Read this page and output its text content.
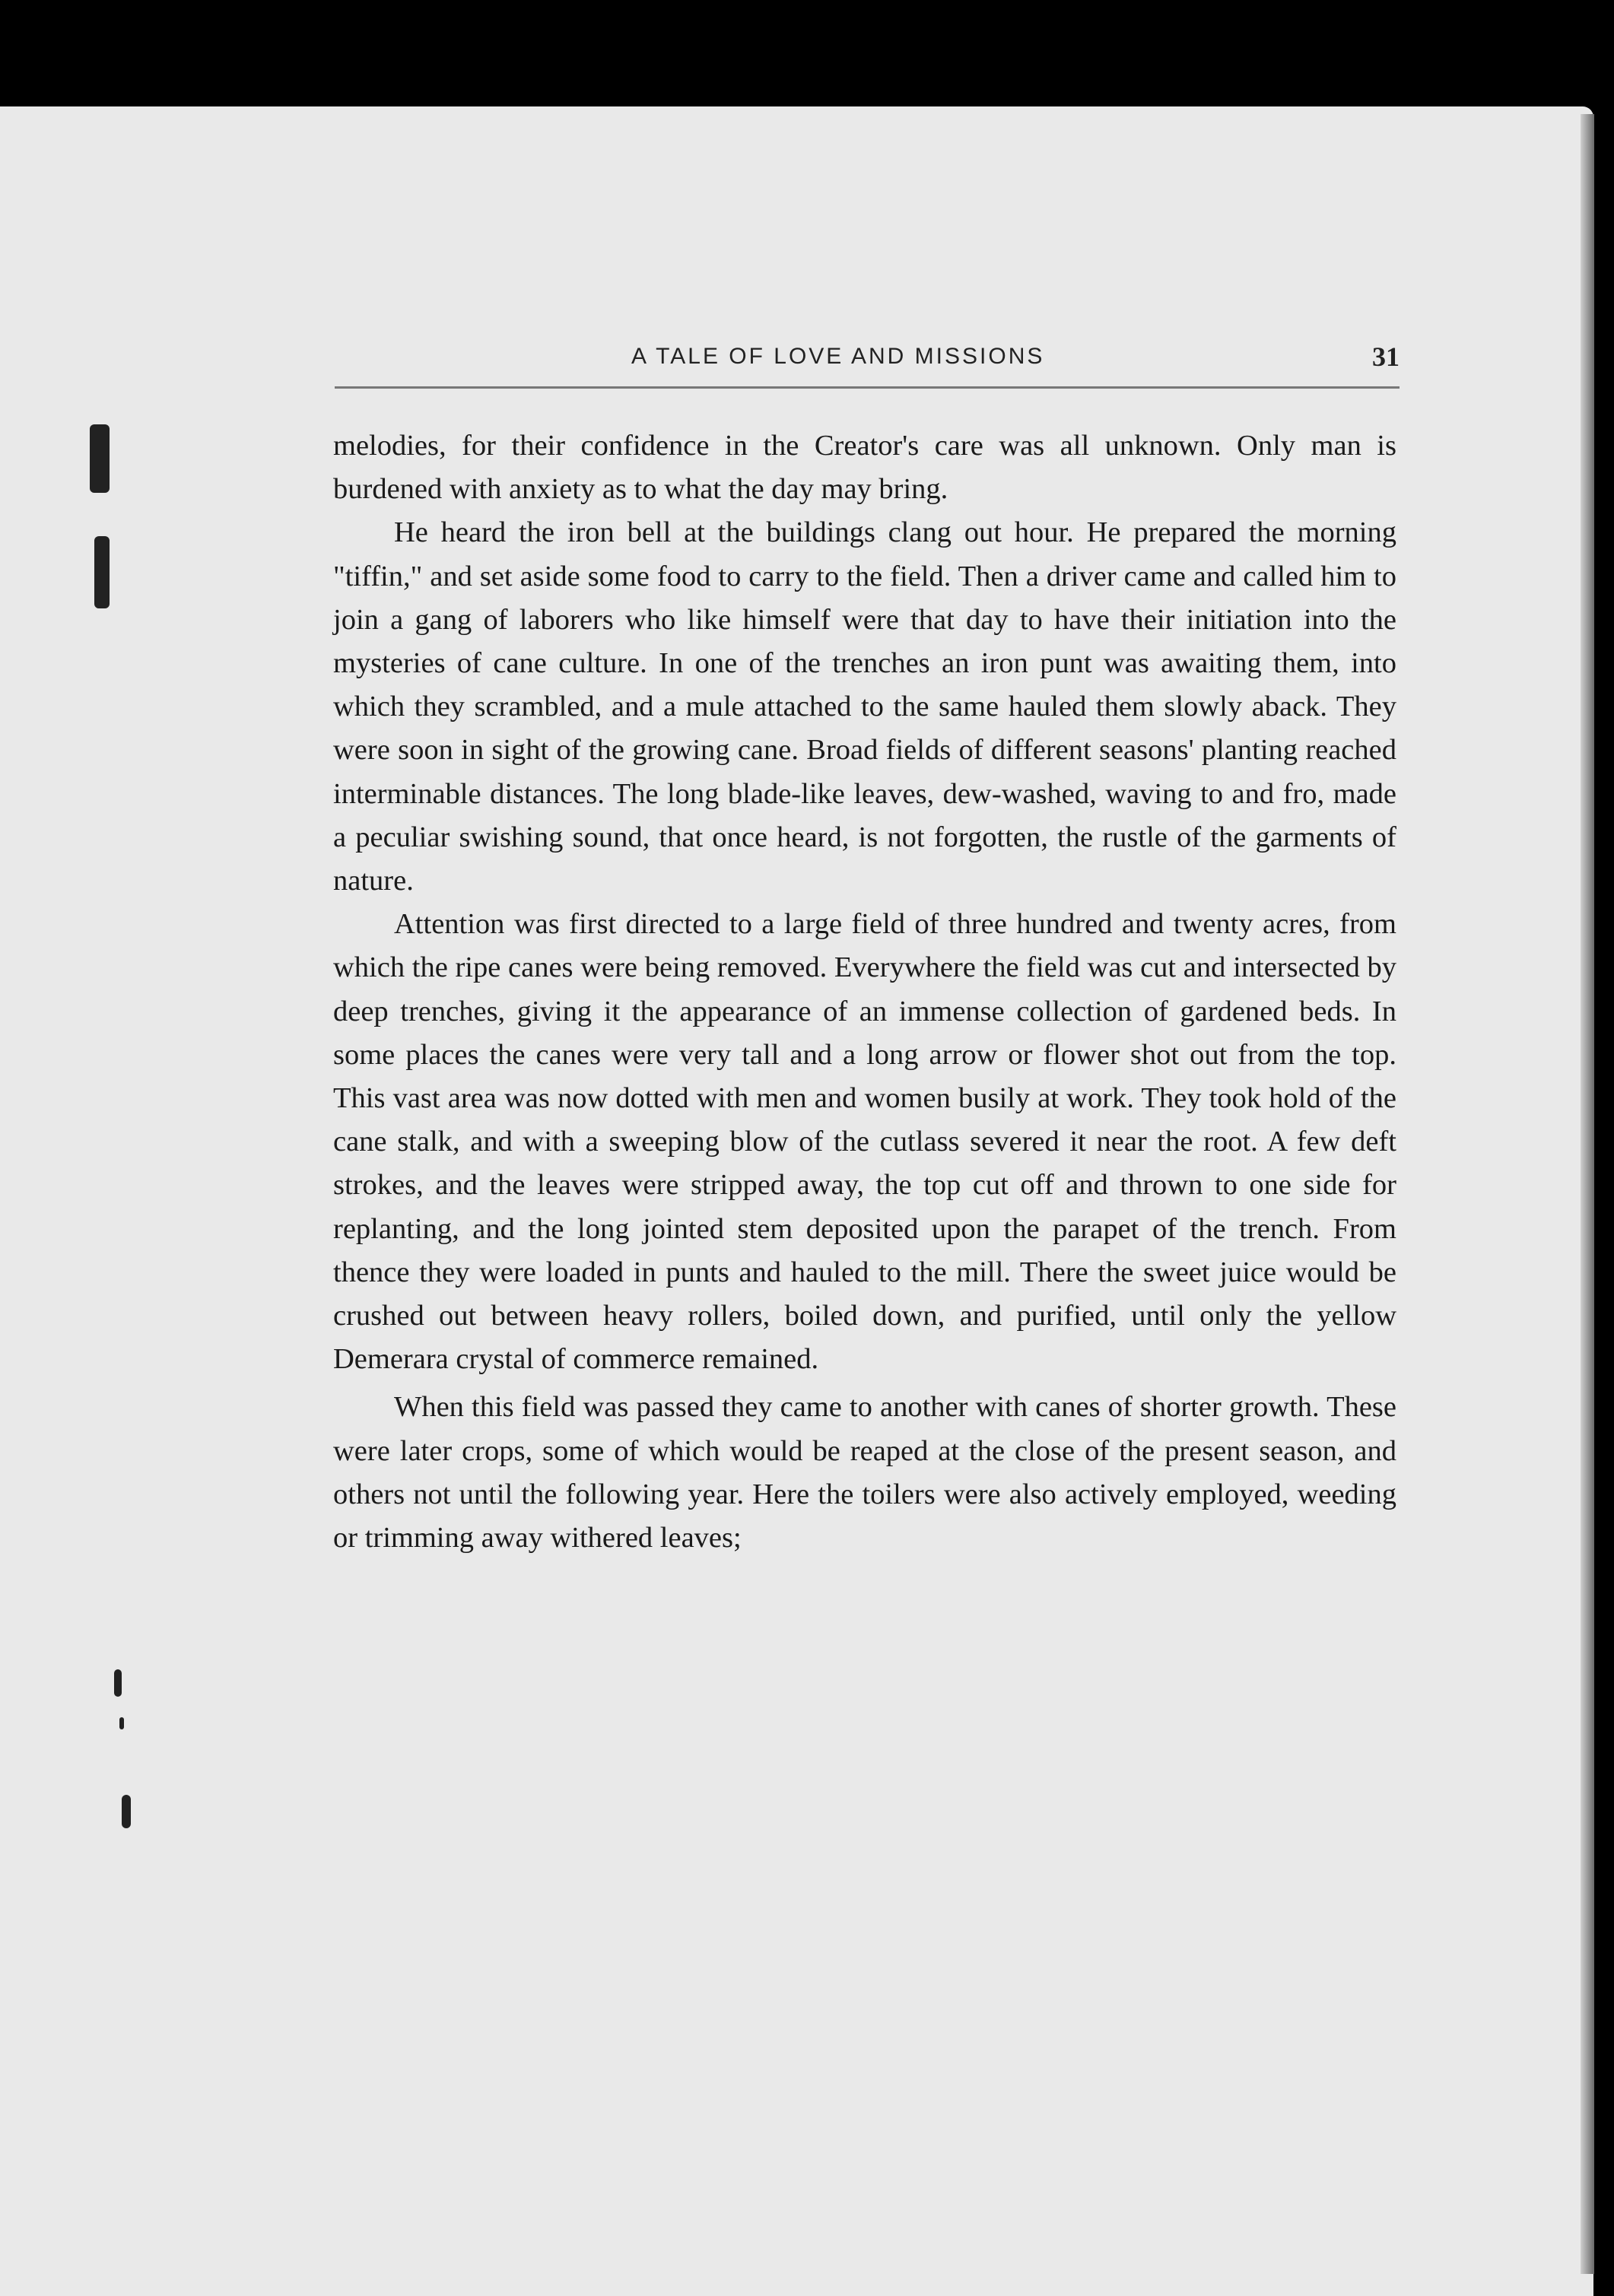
A TALE OF LOVE AND MISSIONS	31

melodies, for their confidence in the Creator's care was all unknown. Only man is burdened with anxiety as to what the day may bring.

He heard the iron bell at the buildings clang out hour. He prepared the morning "tiffin," and set aside some food to carry to the field. Then a driver came and called him to join a gang of laborers who like himself were that day to have their initiation into the mysteries of cane culture. In one of the trenches an iron punt was awaiting them, into which they scrambled, and a mule attached to the same hauled them slowly aback. They were soon in sight of the growing cane. Broad fields of different seasons' planting reached interminable distances. The long blade-like leaves, dew-washed, waving to and fro, made a peculiar swishing sound, that once heard, is not forgotten, the rustle of the garments of nature.

Attention was first directed to a large field of three hundred and twenty acres, from which the ripe canes were being removed. Everywhere the field was cut and intersected by deep trenches, giving it the appearance of an immense collection of gardened beds. In some places the canes were very tall and a long arrow or flower shot out from the top. This vast area was now dotted with men and women busily at work. They took hold of the cane stalk, and with a sweeping blow of the cutlass severed it near the root. A few deft strokes, and the leaves were stripped away, the top cut off and thrown to one side for replanting, and the long jointed stem deposited upon the parapet of the trench. From thence they were loaded in punts and hauled to the mill. There the sweet juice would be crushed out between heavy rollers, boiled down, and purified, until only the yellow Demerara crystal of commerce remained.

When this field was passed they came to another with canes of shorter growth. These were later crops, some of which would be reaped at the close of the present season, and others not until the following year. Here the toilers were also actively employed, weeding or trimming away withered leaves;
